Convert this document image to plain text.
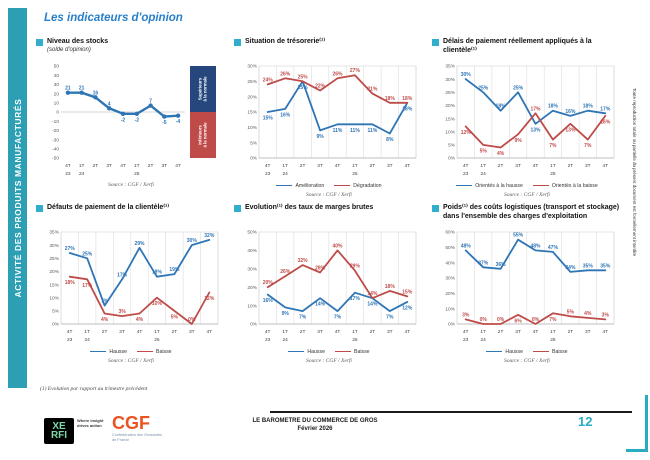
ACTIVITÉ DES PRODUITS MANUFACTURÉS
Les indicateurs d'opinion
Niveau des stocks
(solde d'opinion)
50
40
30
20
10
0
-10
-20
-30
-40
-50
21 21
16
4
-2 -2
7
-5 -4
4T
23
1T
24
2T 3T 4T 1T
25
2T 3T 4T
Supérieurs
à la normale
Inférieurs
à la normale
Source : CGF / Xerfi
Situation de trésorerie⁽¹⁾
30%
25%
20%
15%
10%
5%
0%
15%
16%
25%
9%
11% 11% 11%
8%
18%
24%
26% 25%
22%
26%
27%
21%
18% 18%
4T
23
1T
24
2T 3T 4T 1T
25
2T 3T 4T
Amélioration	Dégradation
Source : CGF / Xerfi
Délais de paiement réellement appliqués à la clientèle⁽¹⁾
35%
30%
25%
20%
15%
10%
5%
0%
30%
25%
18%
25%
13%
18%
16%
18% 17%
12%
5% 4%
9%
17%
7%
13%
7%
16%
4T
23
1T
24
2T 3T 4T 1T
25
2T 3T 4T
Orientés à la hausse	Orientés à la baisse
Source : CGF / Xerfi
Défauts de paiement de la clientèle⁽¹⁾
35%
30%
25%
20%
15%
10%
5%
0%
27%
25%
7%
17%
29%
18% 19%
30%
32%
18% 17%
4%
3%
4%
10%
5% 0%
12%
4T
23
1T
24
2T 3T 4T 1T
25
2T 3T 4T
Hausse	Baisse
Source : CGF / Xerfi
Evolution⁽¹⁾ des taux de marges brutes
50%
40%
30%
20%
10%
0%
16%
9%
7%
14%
7%
17%
14%
7%
12%
20%
26%
32%
28%
40%
29%
14%
18%
15%
4T
23
1T
24
2T 3T 4T 1T
25
2T 3T 4T
Hausse	Baisse
Source : CGF / Xerfi
Poids⁽¹⁾ des coûts logistiques (transport et stockage) dans l'ensemble des charges d'exploitation
60%
50%
40%
30%
20%
10%
0%
48%
37% 36%
55%
48% 47%
34% 35% 35%
3%
0% 0% 6% 0% 7%
5% 4% 3%
4T
23
1T
24
2T 3T 4T 1T
25
2T 3T 4T
Hausse	Baisse
Source : CGF / Xerfi
(1) Evolution par rapport au trimestre précédent
XE
RFI
Where insight drives action CGF
Confédération des Grossistes de France
LE BAROMETRE DU COMMERCE DE GROS
Février 2026	12
Toute reproduction totale ou partielle du présent document est formellement interdite
